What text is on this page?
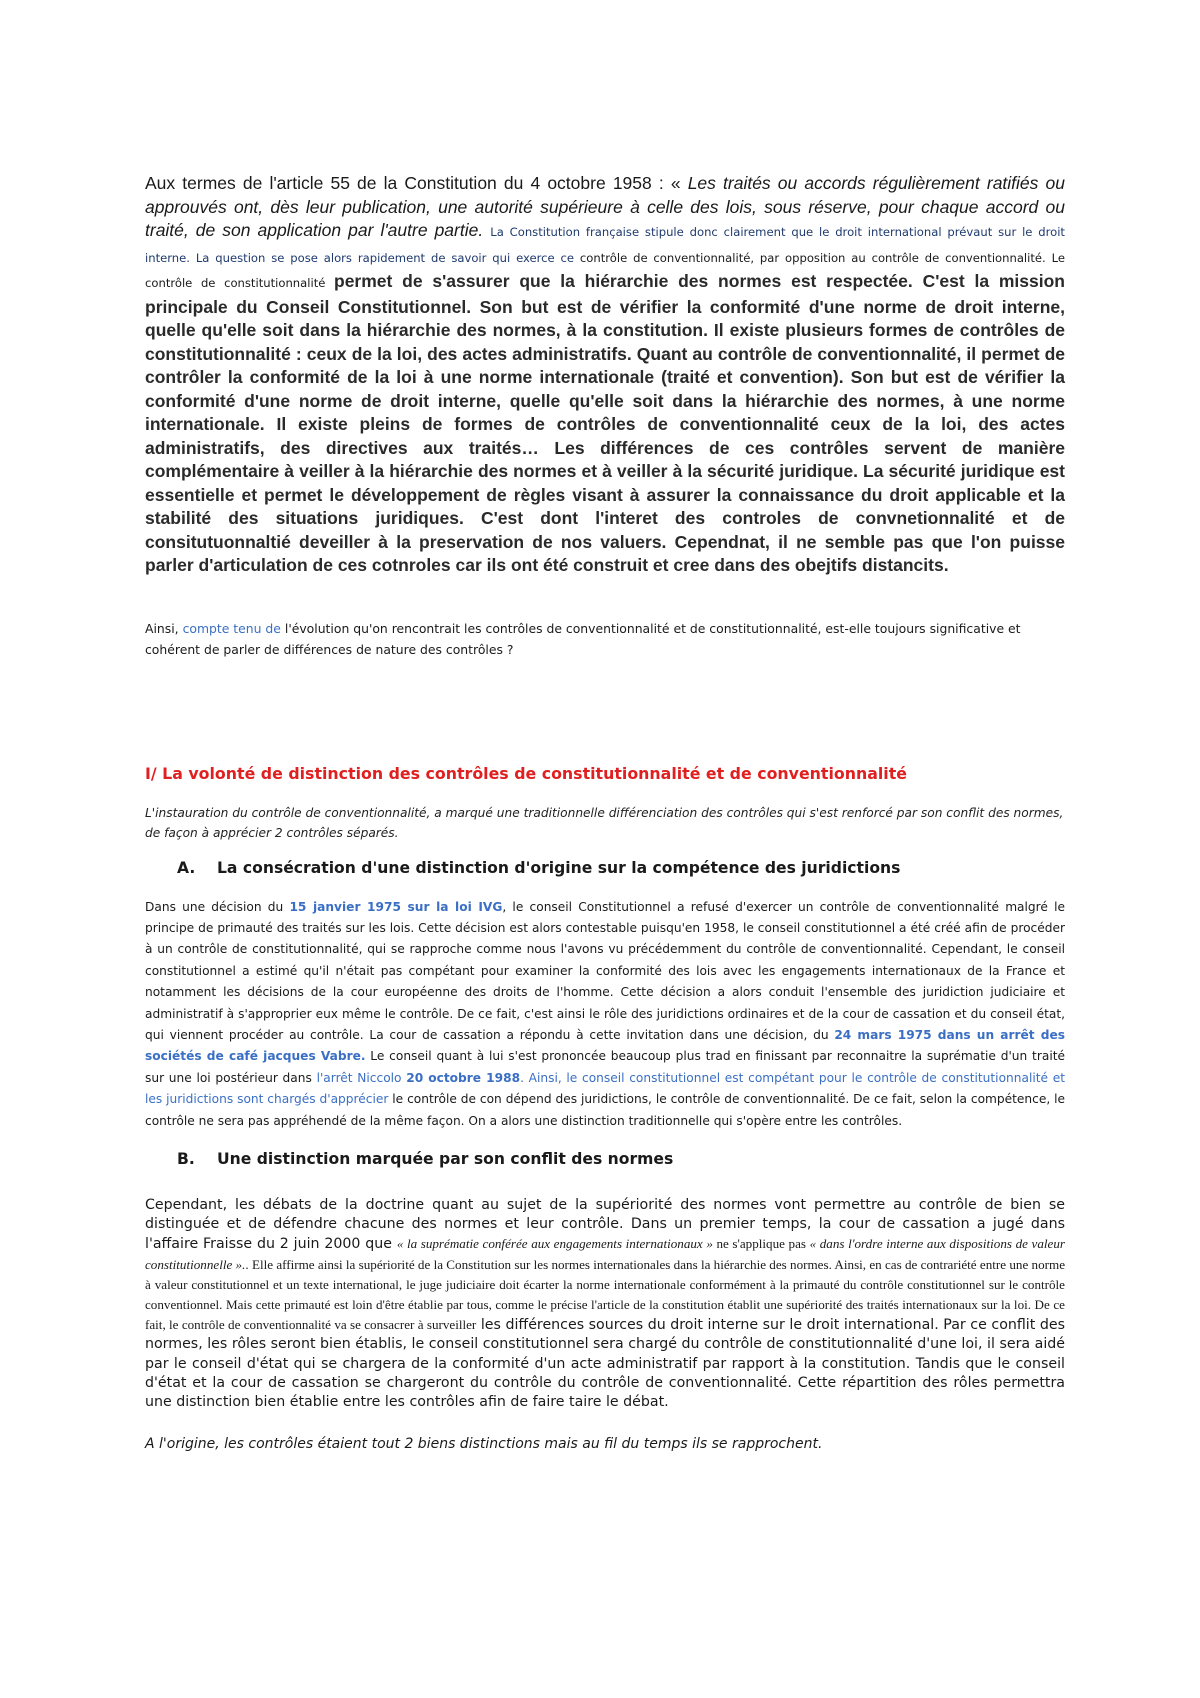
Aux termes de l'article 55 de la Constitution du 4 octobre 1958 : « Les traités ou accords régulièrement ratifiés ou approuvés ont, dès leur publication, une autorité supérieure à celle des lois, sous réserve, pour chaque accord ou traité, de son application par l'autre partie. La Constitution française stipule donc clairement que le droit international prévaut sur le droit interne. La question se pose alors rapidement de savoir qui exerce ce contrôle de conventionnalité, par opposition au contrôle de conventionnalité. Le contrôle de constitutionnalité permet de s'assurer que la hiérarchie des normes est respectée. C'est la mission principale du Conseil Constitutionnel. Son but est de vérifier la conformité d'une norme de droit interne, quelle qu'elle soit dans la hiérarchie des normes, à la constitution. Il existe plusieurs formes de contrôles de constitutionnalité : ceux de la loi, des actes administratifs. Quant au contrôle de conventionnalité, il permet de contrôler la conformité de la loi à une norme internationale (traité et convention). Son but est de vérifier la conformité d'une norme de droit interne, quelle qu'elle soit dans la hiérarchie des normes, à une norme internationale. Il existe pleins de formes de contrôles de conventionnalité ceux de la loi, des actes administratifs, des directives aux traités… Les différences de ces contrôles servent de manière complémentaire à veiller à la hiérarchie des normes et à veiller à la sécurité juridique. La sécurité juridique est essentielle et permet le développement de règles visant à assurer la connaissance du droit applicable et la stabilité des situations juridiques. C'est dont l'interet des controles de convnetionnalité et de consitutuonnaltié deveiller à la preservation de nos valuers. Cependnat, il ne semble pas que l'on puisse parler d'articulation de ces cotnroles car ils ont été construit et cree dans des obejtifs distancits.

Ainsi, compte tenu de l'évolution qu'on rencontrait les contrôles de conventionnalité et de constitutionnalité, est-elle toujours significative et cohérent de parler de différences de nature des contrôles ?

I/ La volonté de distinction des contrôles de constitutionnalité et de conventionnalité

L'instauration du contrôle de conventionnalité, a marqué une traditionnelle différenciation des contrôles qui s'est renforcé par son conflit des normes, de façon à apprécier 2 contrôles séparés.

A. La consécration d'une distinction d'origine sur la compétence des juridictions

Dans une décision du 15 janvier 1975 sur la loi IVG, le conseil Constitutionnel a refusé d'exercer un contrôle de conventionnalité malgré le principe de primauté des traités sur les lois. Cette décision est alors contestable puisqu'en 1958, le conseil constitutionnel a été créé afin de procéder à un contrôle de constitutionnalité, qui se rapproche comme nous l'avons vu précédemment du contrôle de conventionnalité. Cependant, le conseil constitutionnel a estimé qu'il n'était pas compétant pour examiner la conformité des lois avec les engagements internationaux de la France et notamment les décisions de la cour européenne des droits de l'homme. Cette décision a alors conduit l'ensemble des juridiction judiciaire et administratif à s'approprier eux même le contrôle. De ce fait, c'est ainsi le rôle des juridictions ordinaires et de la cour de cassation et du conseil état, qui viennent procéder au contrôle. La cour de cassation a répondu à cette invitation dans une décision, du 24 mars 1975 dans un arrêt des sociétés de café jacques Vabre. Le conseil quant à lui s'est prononcée beaucoup plus trad en finissant par reconnaitre la suprématie d'un traité sur une loi postérieur dans l'arrêt Niccolo 20 octobre 1988. Ainsi, le conseil constitutionnel est compétant pour le contrôle de constitutionnalité et les juridictions sont chargés d'apprécier le contrôle de con dépend des juridictions, le contrôle de conventionnalité. De ce fait, selon la compétence, le contrôle ne sera pas appréhendé de la même façon. On a alors une distinction traditionnelle qui s'opère entre les contrôles.

B. Une distinction marquée par son conflit des normes

Cependant, les débats de la doctrine quant au sujet de la supériorité des normes vont permettre au contrôle de bien se distinguée et de défendre chacune des normes et leur contrôle. Dans un premier temps, la cour de cassation a jugé dans l'affaire Fraisse du 2 juin 2000 que « la suprématie conférée aux engagements internationaux » ne s'applique pas « dans l'ordre interne aux dispositions de valeur constitutionnelle ».. Elle affirme ainsi la supériorité de la Constitution sur les normes internationales dans la hiérarchie des normes. Ainsi, en cas de contrariété entre une norme à valeur constitutionnel et un texte international, le juge judiciaire doit écarter la norme internationale conformément à la primauté du contrôle constitutionnel sur le contrôle conventionnel. Mais cette primauté est loin d'être établie par tous, comme le précise l'article de la constitution établit une supériorité des traités internationaux sur la loi. De ce fait, le contrôle de conventionnalité va se consacrer à surveiller les différences sources du droit interne sur le droit international. Par ce conflit des normes, les rôles seront bien établis, le conseil constitutionnel sera chargé du contrôle de constitutionnalité d'une loi, il sera aidé par le conseil d'état qui se chargera de la conformité d'un acte administratif par rapport à la constitution. Tandis que le conseil d'état et la cour de cassation se chargeront du contrôle du contrôle de conventionnalité. Cette répartition des rôles permettra une distinction bien établie entre les contrôles afin de faire taire le débat.

A l'origine, les contrôles étaient tout 2 biens distinctions mais au fil du temps ils se rapprochent.
